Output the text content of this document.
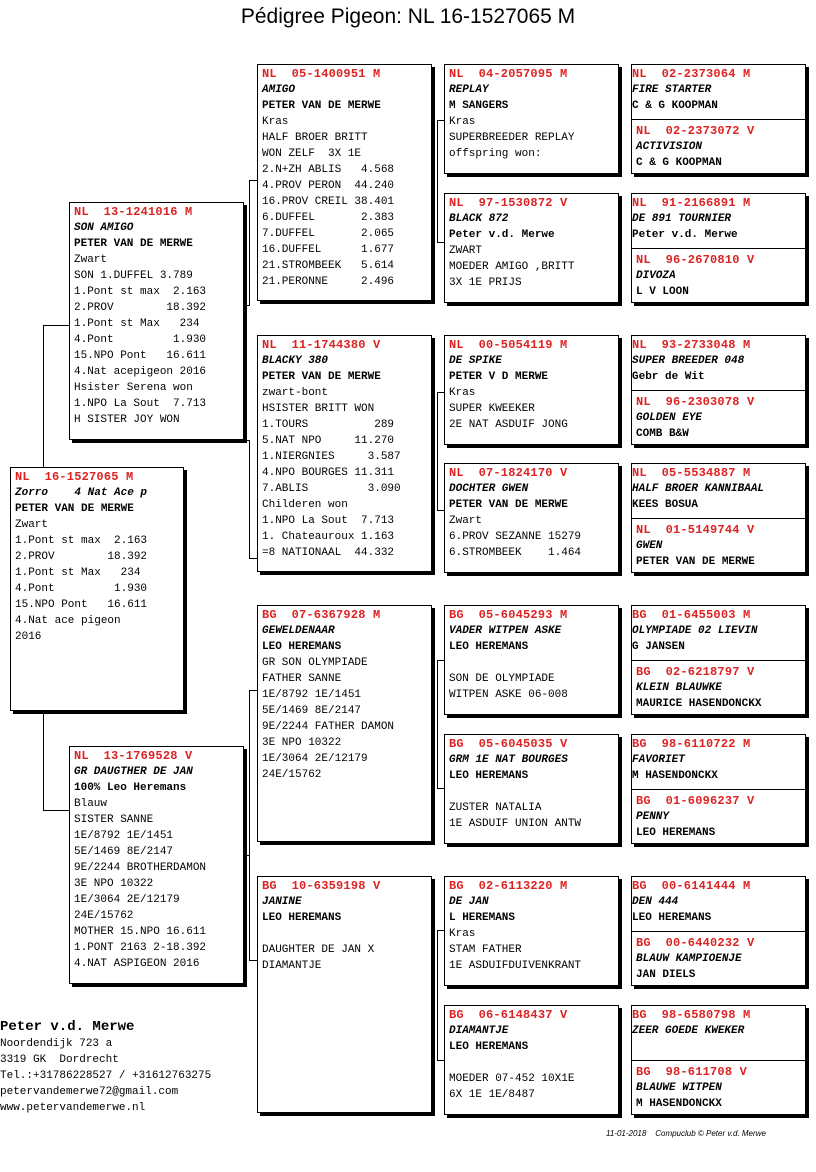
Pédigree Pigeon: NL 16-1527065 M
NL  16-1527065 M
Zorro    4 Nat Ace p
PETER VAN DE MERWE
Zwart
1.Pont st max  2.163
2.PROV        18.392
1.Pont st Max   234
4.Pont         1.930
15.NPO Pont   16.611
4.Nat ace pigeon
2016
NL  13-1241016 M
SON AMIGO
PETER VAN DE MERWE
Zwart
SON 1.DUFFEL 3.789
1.Pont st max  2.163
2.PROV        18.392
1.Pont st Max   234
4.Pont         1.930
15.NPO Pont   16.611
4.Nat acepigeon 2016
Hsister Serena won
1.NPO La Sout  7.713
H SISTER JOY WON
NL  13-1769528 V
GR DAUGTHER DE JAN
100% Leo Heremans
Blauw
SISTER SANNE
1E/8792 1E/1451
5E/1469 8E/2147
9E/2244 BROTHERDAMON
3E NPO 10322
1E/3064 2E/12179
24E/15762
MOTHER 15.NPO 16.611
1.PONT 2163 2-18.392
4.NAT ASPIGEON 2016
NL  05-1400951 M
AMIGO
PETER VAN DE MERWE
Kras
HALF BROER BRITT
WON ZELF  3X 1E
2.N+ZH ABLIS   4.568
4.PROV PERON  44.240
16.PROV CREIL 38.401
6.DUFFEL       2.383
7.DUFFEL       2.065
16.DUFFEL      1.677
21.STROMBEEK   5.614
21.PERONNE     2.496
NL  11-1744380 V
BLACKY 380
PETER VAN DE MERWE
zwart-bont
HSISTER BRITT WON
1.TOURS          289
5.NAT NPO     11.270
1.NIERGNIES     3.587
4.NPO BOURGES 11.311
7.ABLIS         3.090
Childeren won
1.NPO La Sout  7.713
1. Chateauroux 1.163
=8 NATIONAAL  44.332
BG  07-6367928 M
GEWELDENAAR
LEO HEREMANS
GR SON OLYMPIADE
FATHER SANNE
1E/8792 1E/1451
5E/1469 8E/2147
9E/2244 FATHER DAMON
3E NPO 10322
1E/3064 2E/12179
24E/15762
BG  10-6359198 V
JANINE
LEO HEREMANS
DAUGHTER DE JAN X
DIAMANTJE
NL  04-2057095 M
REPLAY
M SANGERS
Kras
SUPERBREEDER REPLAY
offspring won:
NL  97-1530872 V
BLACK 872
Peter v.d. Merwe
ZWART
MOEDER AMIGO ,BRITT
3X 1E PRIJS
NL  00-5054119 M
DE SPIKE
PETER V D MERWE
Kras
SUPER KWEEKER
2E NAT ASDUIF JONG
NL  07-1824170 V
DOCHTER GWEN
PETER VAN DE MERWE
Zwart
6.PROV SEZANNE 15279
6.STROMBEEK    1.464
BG  05-6045293 M
VADER WITPEN ASKE
LEO HEREMANS
SON DE OLYMPIADE
WITPEN ASKE 06-008
BG  05-6045035 V
GRM 1E NAT BOURGES
LEO HEREMANS
ZUSTER NATALIA
1E ASDUIF UNION ANTW
BG  02-6113220 M
DE JAN
L HEREMANS
Kras
STAM FATHER
1E ASDUIFDUIVENKRANT
BG  06-6148437 V
DIAMANTJE
LEO HEREMANS
MOEDER 07-452 10X1E
6X 1E 1E/8487
NL  02-2373064 M
FIRE STARTER
C & G KOOPMAN
NL  02-2373072 V
ACTIVISION
C & G KOOPMAN
NL  91-2166891 M
DE 891 TOURNIER
Peter v.d. Merwe
NL  96-2670810 V
DIVOZA
L V LOON
NL  93-2733048 M
SUPER BREEDER 048
Gebr de Wit
NL  96-2303078 V
GOLDEN EYE
COMB B&W
NL  05-5534887 M
HALF BROER KANNIBAAL
KEES BOSUA
NL  01-5149744 V
GWEN
PETER VAN DE MERWE
BG  01-6455003 M
OLYMPIADE 02 LIEVIN
G JANSEN
BG  02-6218797 V
KLEIN BLAUWKE
MAURICE HASENDONCKX
BG  98-6110722 M
FAVORIET
M HASENDONCKX
BG  01-6096237 V
PENNY
LEO HEREMANS
BG  00-6141444 M
DEN 444
LEO HEREMANS
BG  00-6440232 V
BLAUW KAMPIOENJE
JAN DIELS
BG  98-6580798 M
ZEER GOEDE KWEKER
BG  98-611708 V
BLAUWE WITPEN
M HASENDONCKX
Peter v.d. Merwe
Noordendijk 723 a
3319 GK  Dordrecht
Tel.:+31786228527 / +31612763275
petervandemerwe72@gmail.com
www.petervandemerwe.nl
11-01-2018    Compuclub © Peter v.d. Merwe
